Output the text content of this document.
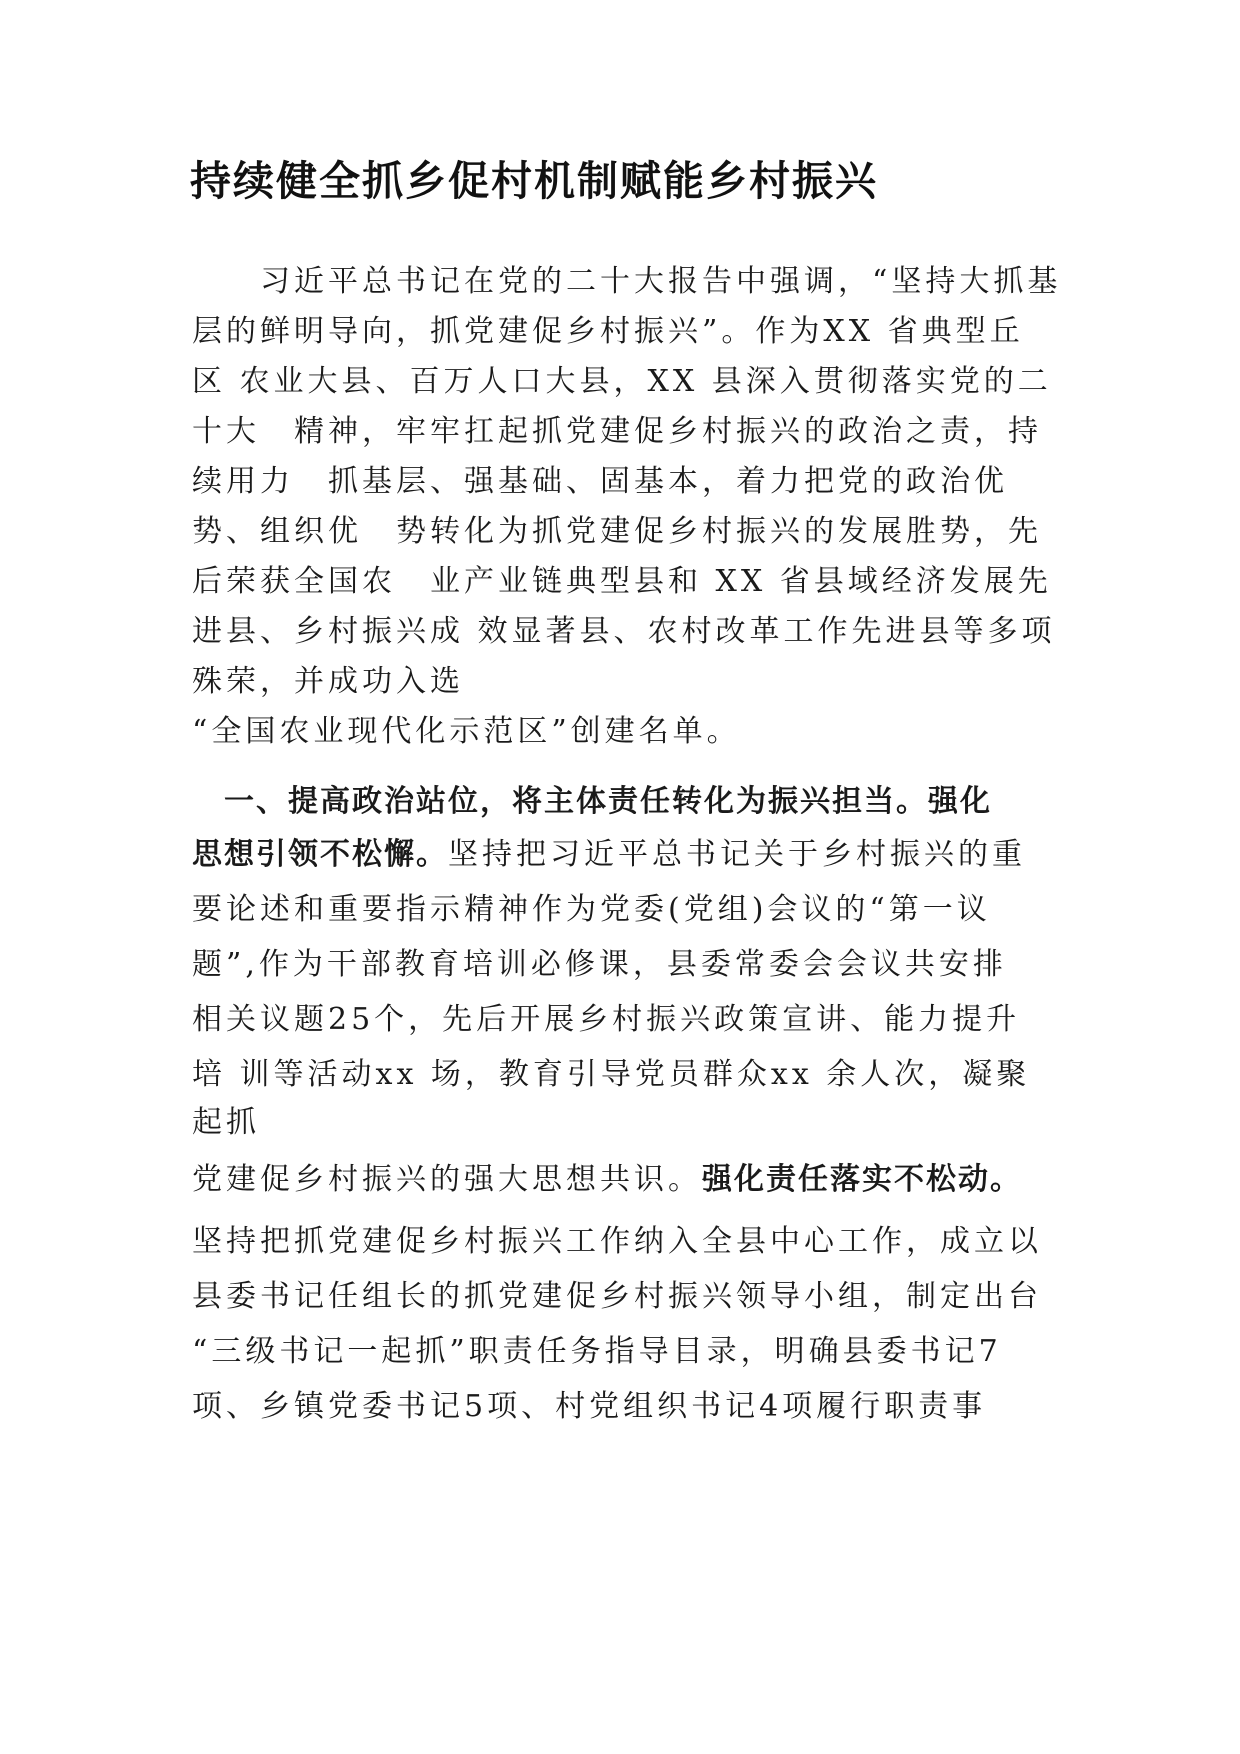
持续健全抓乡促村机制赋能乡村振兴
　　习近平总书记在党的二十大报告中强调，“坚持大抓基
层的鲜明导向，抓党建促乡村振兴”。作为XX 省典型丘
区 农业大县、百万人口大县，XX 县深入贯彻落实党的二
十大　精神，牢牢扛起抓党建促乡村振兴的政治之责，持
续用力　抓基层、强基础、固基本，着力把党的政治优
势、组织优　势转化为抓党建促乡村振兴的发展胜势，先
后荣获全国农　业产业链典型县和 XX 省县域经济发展先
进县、乡村振兴成 效显著县、农村改革工作先进县等多项
殊荣，并成功入选
“全国农业现代化示范区”创建名单。
　一、提高政治站位，将主体责任转化为振兴担当。强化
思想引领不松懈。坚持把习近平总书记关于乡村振兴的重
要论述和重要指示精神作为党委(党组)会议的“第一议
题”,作为干部教育培训必修课，县委常委会会议共安排
相关议题25个，先后开展乡村振兴政策宣讲、能力提升
培 训等活动xx 场，教育引导党员群众xx 余人次，凝聚
起抓
党建促乡村振兴的强大思想共识。强化责任落实不松动。
坚持把抓党建促乡村振兴工作纳入全县中心工作，成立以
县委书记任组长的抓党建促乡村振兴领导小组，制定出台
“三级书记一起抓”职责任务指导目录，明确县委书记7
项、乡镇党委书记5项、村党组织书记4项履行职责事
